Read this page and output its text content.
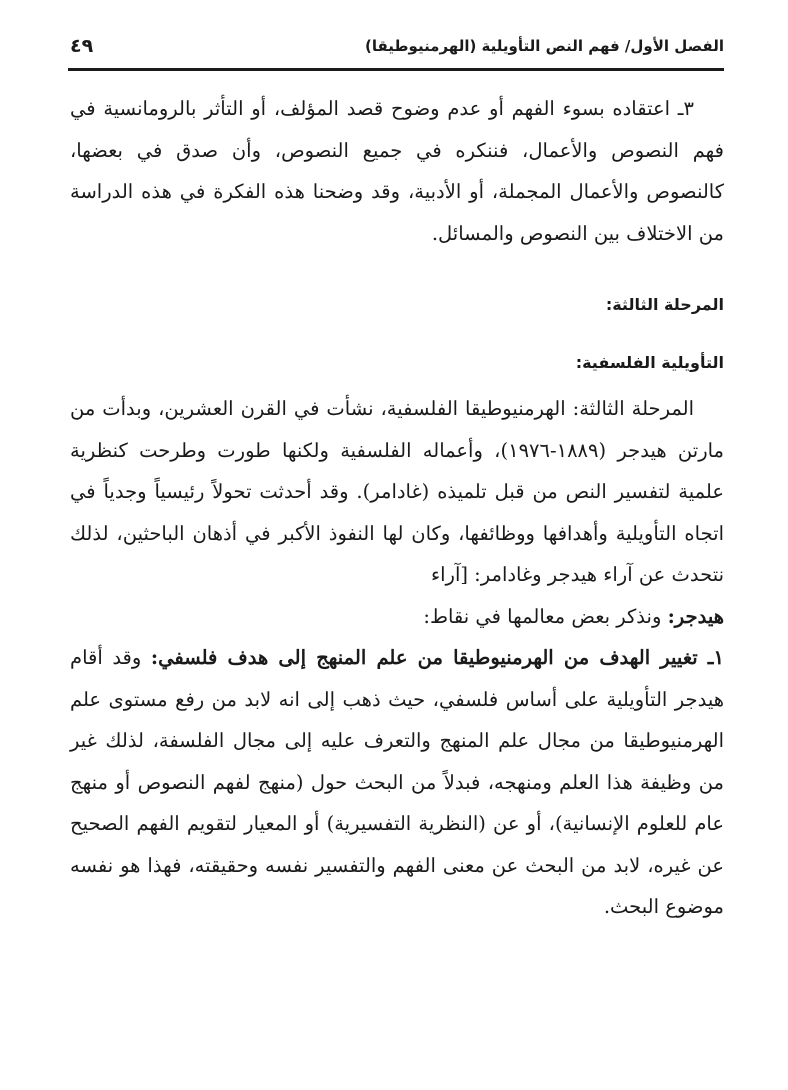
الفصل الأول/ فهم النص التأويلية (الهرمنيوطيقا)
٤٩

٣ـ اعتقاده بسوء الفهم أو عدم وضوح قصد المؤلف، أو التأثر بالرومانسية في فهم النصوص والأعمال، فننكره في جميع النصوص، وأن صدق في بعضها، كالنصوص والأعمال المجملة، أو الأدبية، وقد وضحنا هذه الفكرة في هذه الدراسة من الاختلاف بين النصوص والمسائل.

المرحلة الثالثة:
التأويلية الفلسفية:

المرحلة الثالثة: الهرمنيوطيقا الفلسفية، نشأت في القرن العشرين، وبدأت من مارتن هيدجر (١٨٨٩-١٩٧٦)، وأعماله الفلسفية ولكنها طورت وطرحت كنظرية علمية لتفسير النص من قبل تلميذه (غادامر). وقد أحدثت تحولاً رئيسياً وجدياً في اتجاه التأويلية وأهدافها ووظائفها، وكان لها النفوذ الأكبر في أذهان الباحثين، لذلك نتحدث عن آراء هيدجر وغادامر: [آراء
هيدجر: ونذكر بعض معالمها في نقاط:

١ـ تغيير الهدف من الهرمنيوطيقا من علم المنهج إلى هدف فلسفي: وقد أقام هيدجر التأويلية على أساس فلسفي، حيث ذهب إلى انه لابد من رفع مستوى علم الهرمنيوطيقا من مجال علم المنهج والتعرف عليه إلى مجال الفلسفة، لذلك غير من وظيفة هذا العلم ومنهجه، فبدلاً من البحث حول (منهج لفهم النصوص أو منهج عام للعلوم الإنسانية)، أو عن (النظرية التفسيرية) أو المعيار لتقويم الفهم الصحيح عن غيره، لابد من البحث عن معنى الفهم والتفسير نفسه وحقيقته، فهذا هو نفسه موضوع البحث.
